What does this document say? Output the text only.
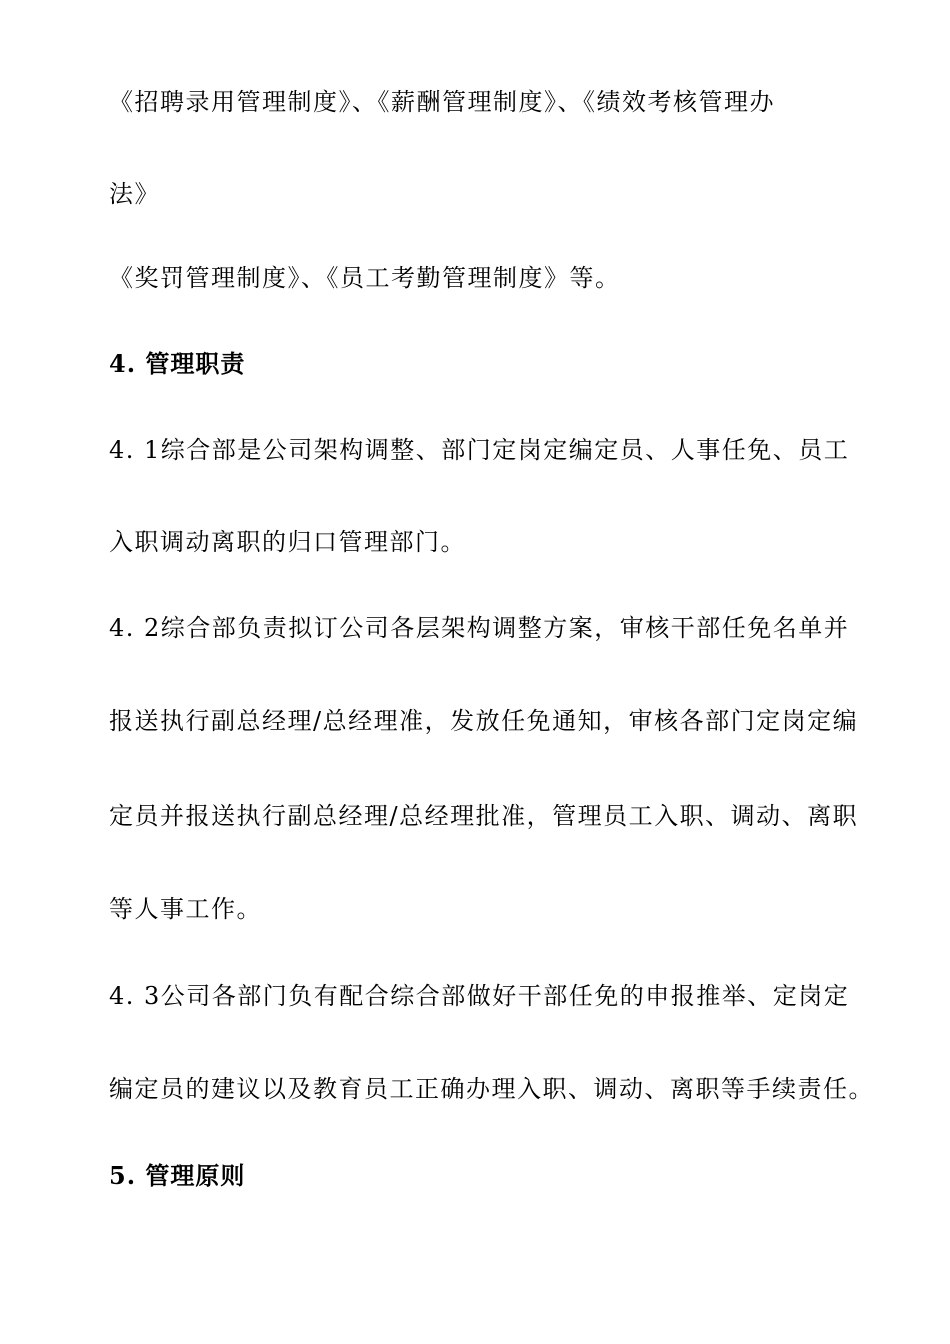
《招聘录用管理制度》、《薪酬管理制度》、《绩效考核管理办
法》
《奖罚管理制度》、《员工考勤管理制度》等。
4. 管理职责
4. 1综合部是公司架构调整、部门定岗定编定员、人事任免、员工
入职调动离职的归口管理部门。
4. 2综合部负责拟订公司各层架构调整方案，审核干部任免名单并
报送执行副总经理/总经理准，发放任免通知，审核各部门定岗定编
定员并报送执行副总经理/总经理批准，管理员工入职、调动、离职
等人事工作。
4. 3公司各部门负有配合综合部做好干部任免的申报推举、定岗定
编定员的建议以及教育员工正确办理入职、调动、离职等手续责任。
5. 管理原则
